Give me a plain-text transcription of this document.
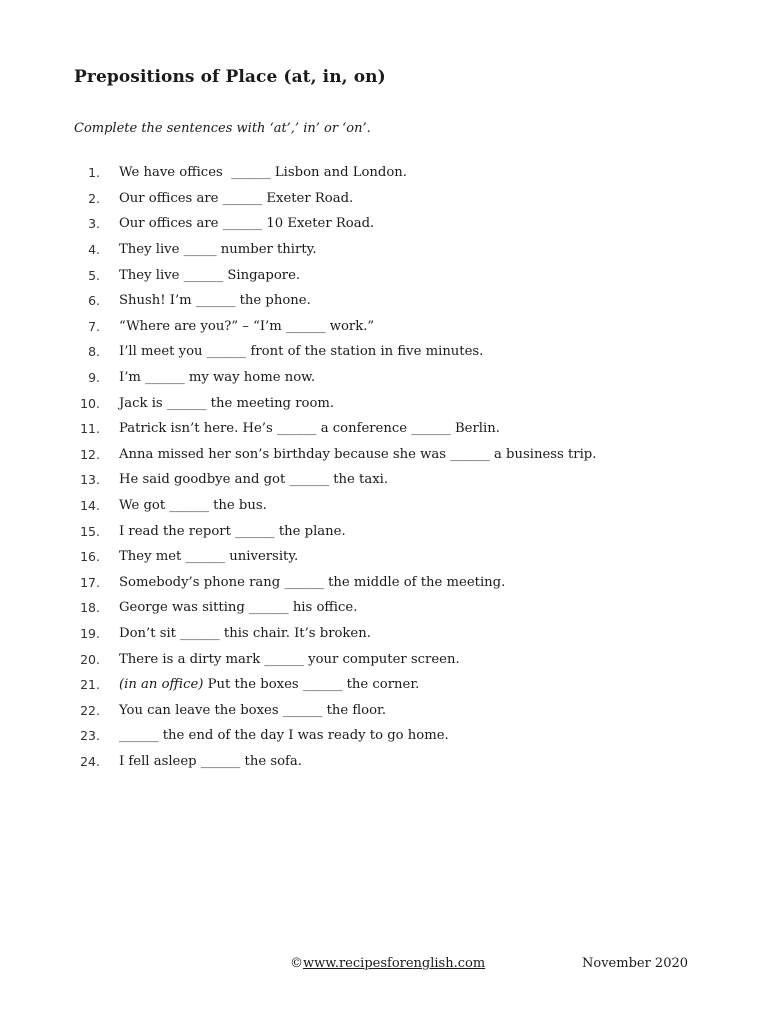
Prepositions of Place (at, in, on)

Complete the sentences with ‘at’,’ in’ or ‘on’.

1. We have offices  ______ Lisbon and London.
2. Our offices are ______ Exeter Road.
3. Our offices are ______ 10 Exeter Road.
4. They live _____ number thirty.
5. They live ______ Singapore.
6. Shush! I’m ______ the phone.
7. “Where are you?” – “I’m ______ work.”
8. I’ll meet you ______ front of the station in five minutes.
9. I’m ______ my way home now.
10. Jack is ______ the meeting room.
11. Patrick isn’t here. He’s ______ a conference ______ Berlin.
12. Anna missed her son’s birthday because she was ______ a business trip.
13. He said goodbye and got ______ the taxi.
14. We got ______ the bus.
15. I read the report ______ the plane.
16. They met ______ university.
17. Somebody’s phone rang ______ the middle of the meeting.
18. George was sitting ______ his office.
19. Don’t sit ______ this chair. It’s broken.
20. There is a dirty mark ______ your computer screen.
21. (in an office) Put the boxes ______ the corner.
22. You can leave the boxes ______ the floor.
23. ______ the end of the day I was ready to go home.
24. I fell asleep ______ the sofa.

©www.recipesforenglish.com	November 2020
